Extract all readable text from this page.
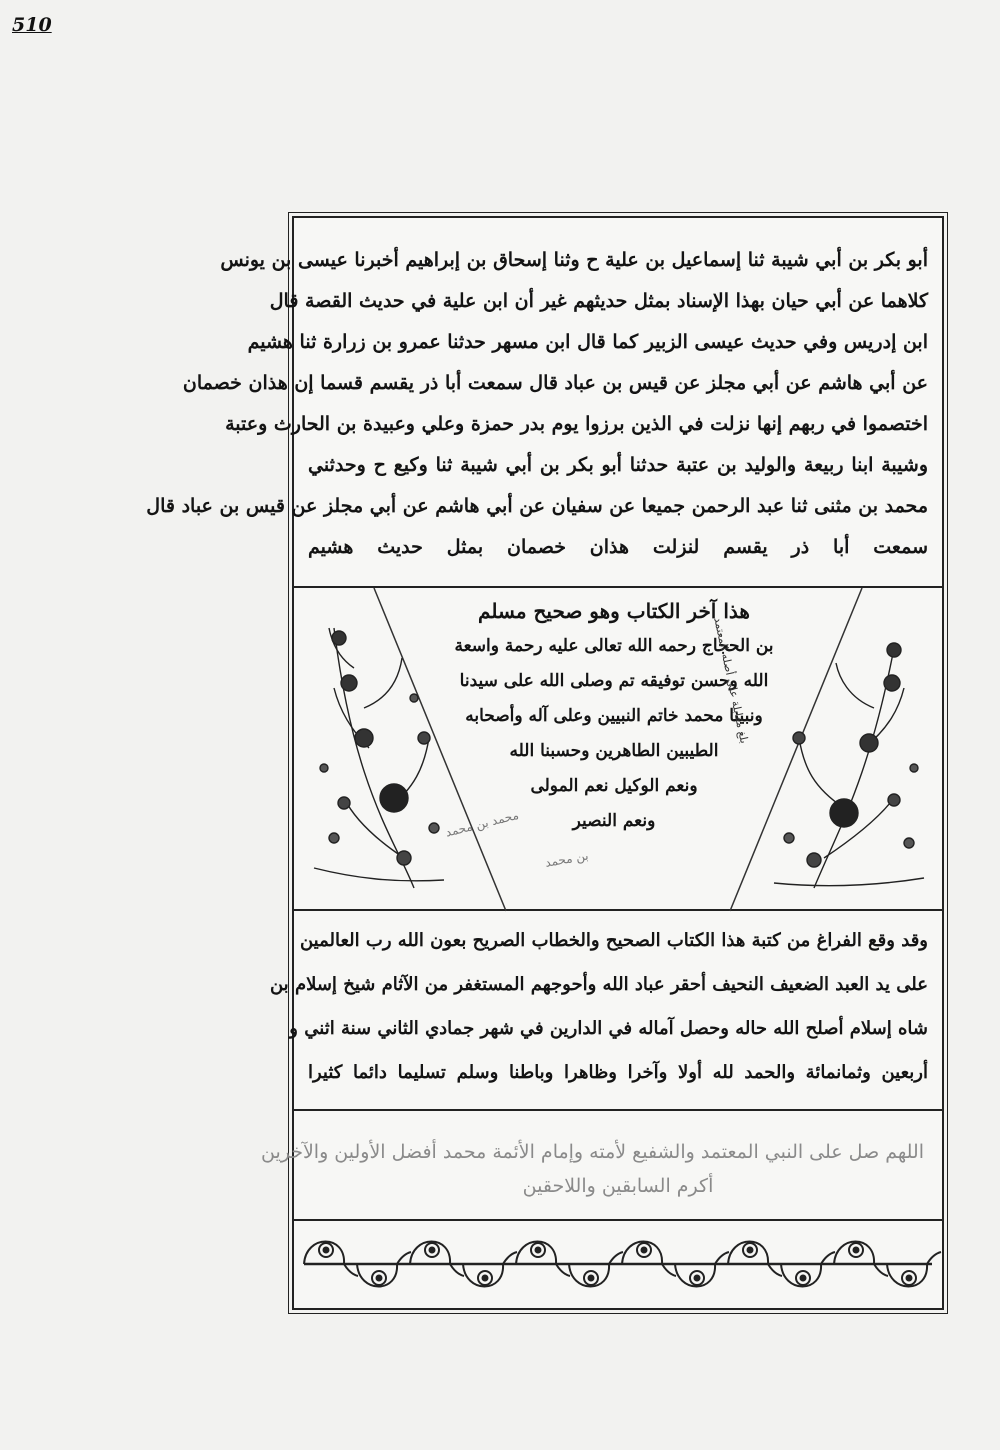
510
أبو بكر بن أبي شيبة ثنا إسماعيل بن علية ح وثنا إسحاق بن إبراهيم أخبرنا عيسى بن يونس
كلاهما عن أبي حيان بهذا الإسناد بمثل حديثهم غير أن ابن علية في حديث القصة قال
ابن إدريس وفي حديث عيسى الزبير كما قال ابن مسهر حدثنا عمرو بن زرارة ثنا هشيم
عن أبي هاشم عن أبي مجلز عن قيس بن عباد قال سمعت أبا ذر يقسم قسما إن هذان خصمان
اختصموا في ربهم إنها نزلت في الذين برزوا يوم بدر حمزة وعلي وعبيدة بن الحارث وعتبة
وشيبة ابنا ربيعة والوليد بن عتبة حدثنا أبو بكر بن أبي شيبة ثنا وكيع ح وحدثني
محمد بن مثنى ثنا عبد الرحمن جميعا عن سفيان عن أبي هاشم عن أبي مجلز عن قيس بن عباد قال
سمعت أبا ذر يقسم لنزلت هذان خصمان بمثل حديث هشيم
هذا آخر الكتاب وهو صحيح مسلم
بن الحجاج رحمه الله تعالى عليه رحمة واسعة
الله وحسن توفيقه تم وصلى الله على سيدنا
ونبينا محمد خاتم النبيين وعلى آله وأصحابه
الطيبين الطاهرين وحسبنا الله
ونعم الوكيل نعم المولى
ونعم النصير
بلغ مقابلة على أصله المعتمد
محمد بن محمد
بن محمد
وقد وقع الفراغ من كتبة هذا الكتاب الصحيح والخطاب الصريح بعون الله رب العالمين
على يد العبد الضعيف النحيف أحقر عباد الله وأحوجهم المستغفر من الآثام شيخ إسلام بن
شاه إسلام أصلح الله حاله وحصل آماله في الدارين في شهر جمادي الثاني سنة اثني و
أربعين وثمانمائة والحمد لله أولا وآخرا وظاهرا وباطنا وسلم تسليما دائما كثيرا
اللهم صل على النبي المعتمد والشفيع لأمته وإمام الأئمة محمد أفضل الأولين والآخرين
أكرم السابقين واللاحقين
